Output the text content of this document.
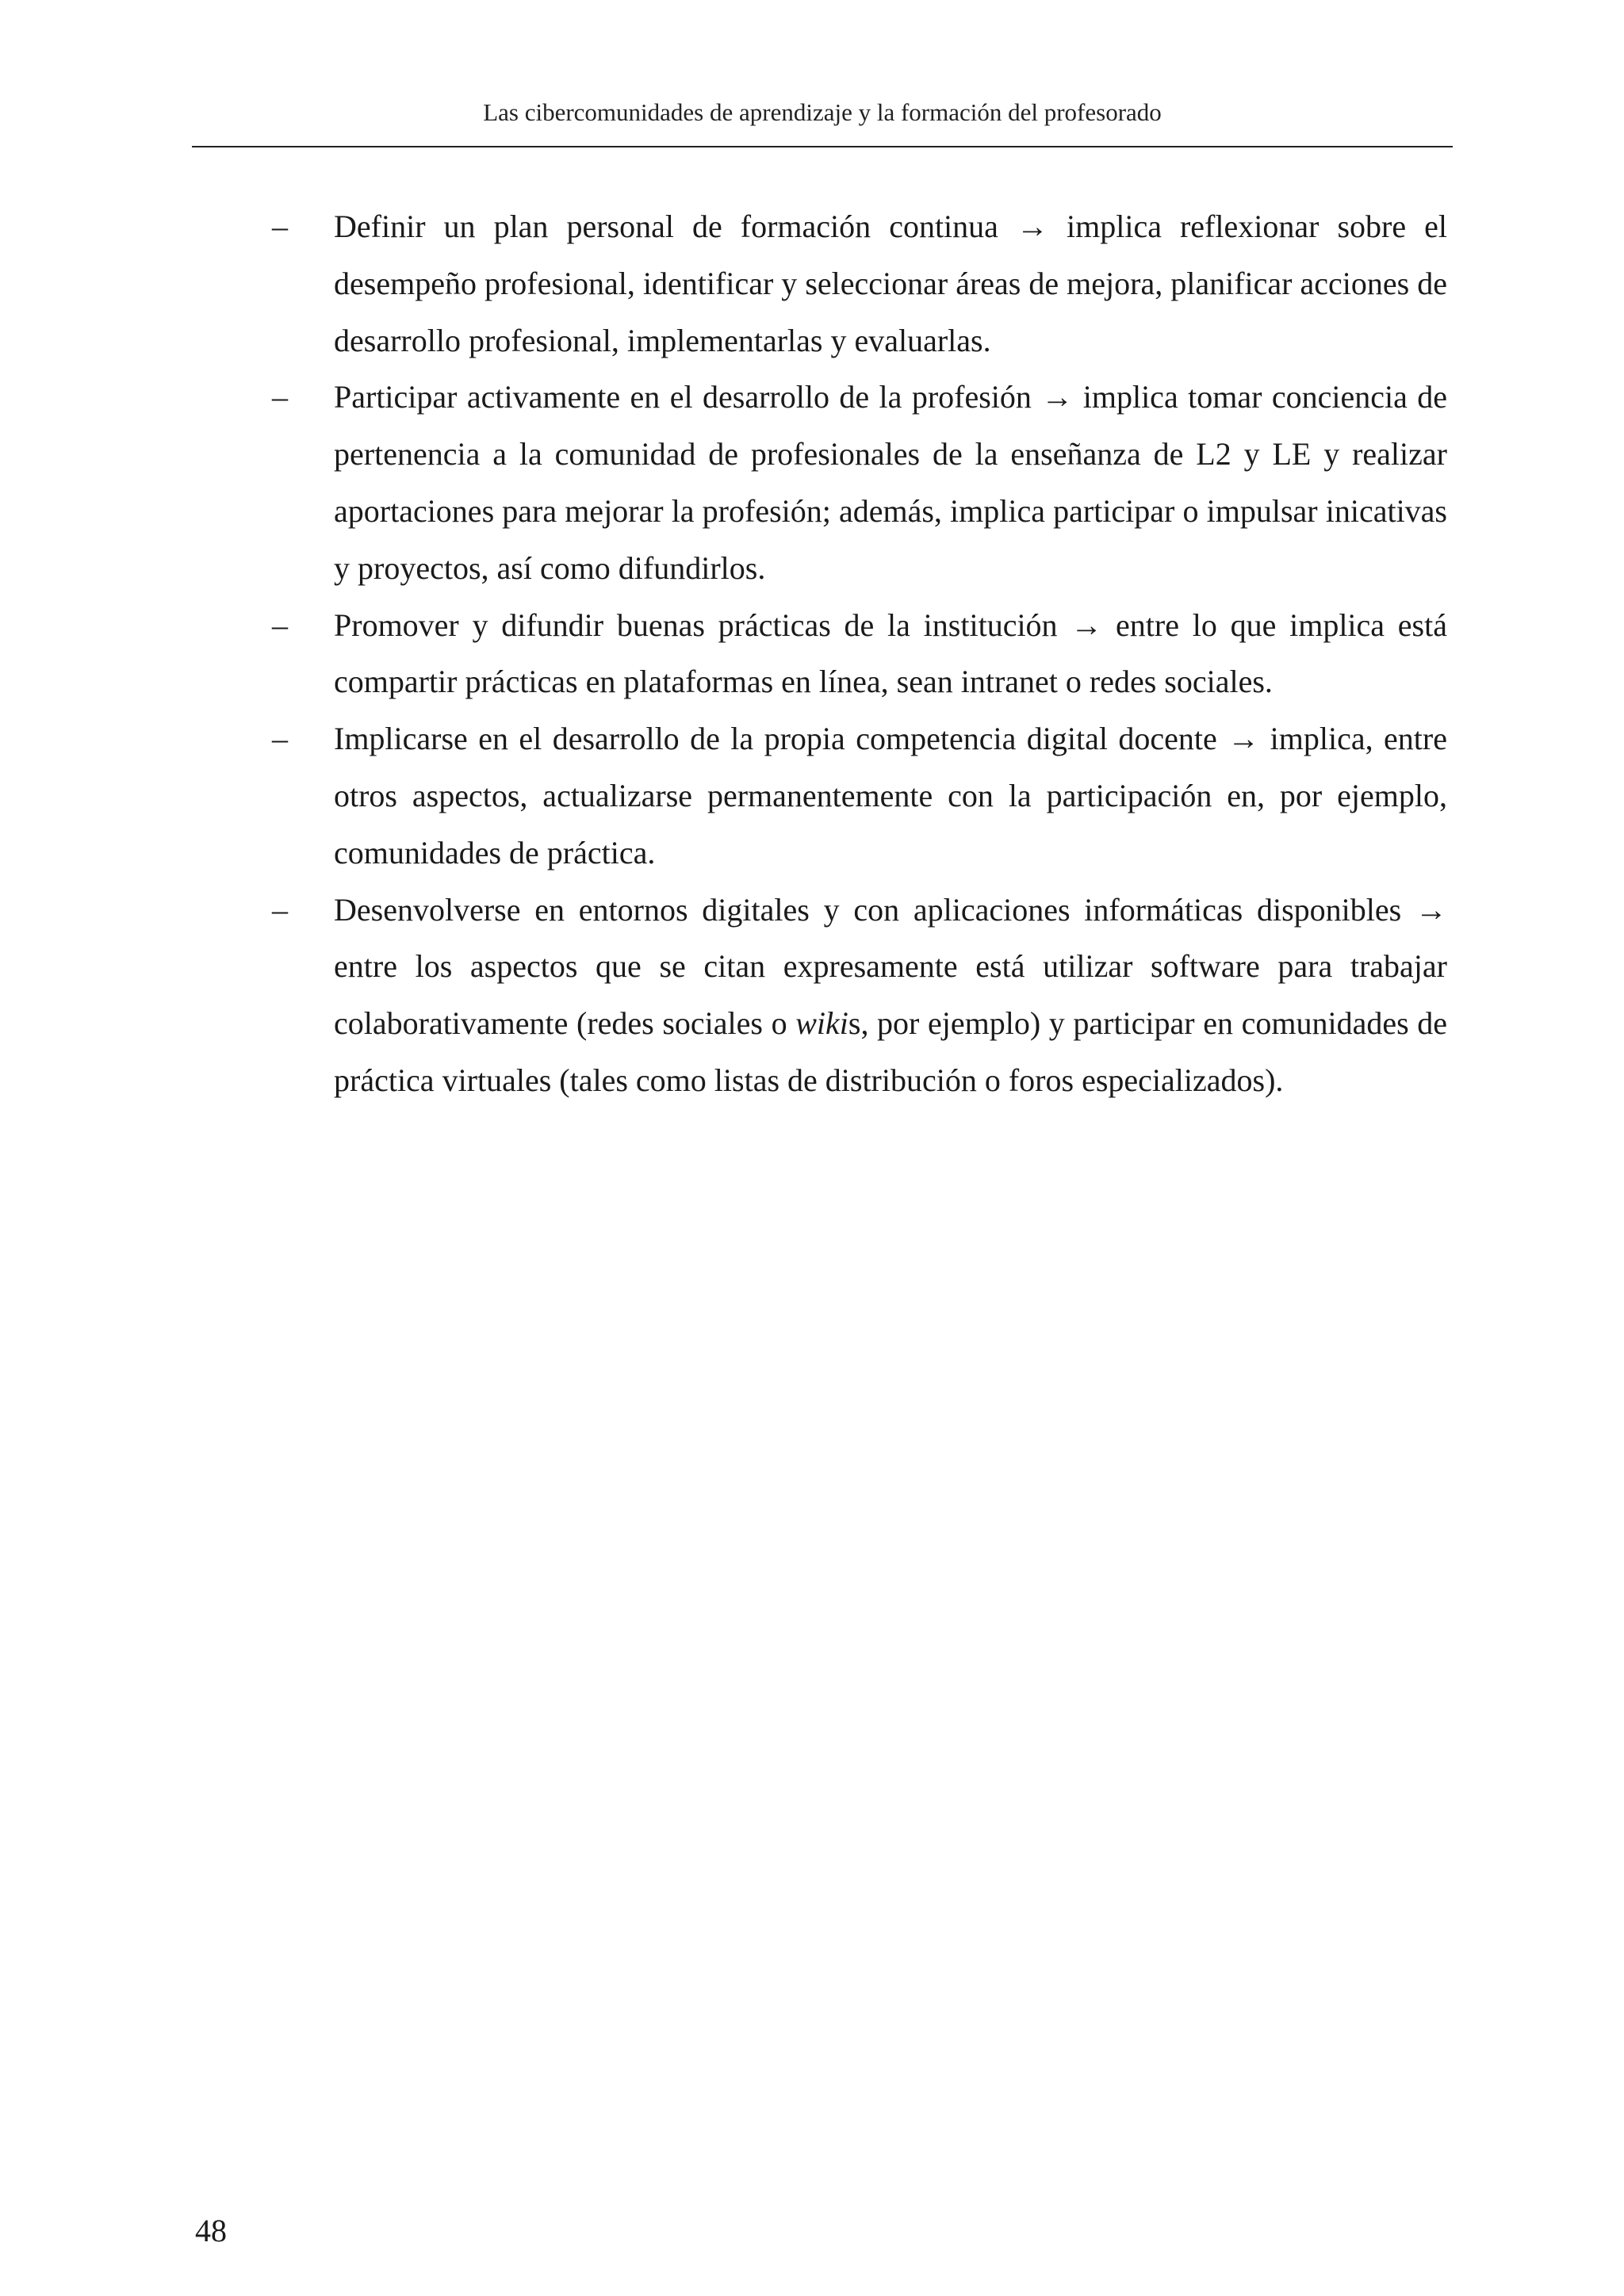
Las cibercomunidades de aprendizaje y la formación del profesorado
– Definir un plan personal de formación continua → implica reflexionar sobre el desempeño profesional, identificar y seleccionar áreas de mejora, planificar acciones de desarrollo profesional, implementarlas y evaluarlas.
– Participar activamente en el desarrollo de la profesión → implica tomar conciencia de pertenencia a la comunidad de profesionales de la enseñanza de L2 y LE y realizar aportaciones para mejorar la profesión; además, implica participar o impulsar inicativas y proyectos, así como difundirlos.
– Promover y difundir buenas prácticas de la institución → entre lo que implica está compartir prácticas en plataformas en línea, sean intranet o redes sociales.
– Implicarse en el desarrollo de la propia competencia digital docente → implica, entre otros aspectos, actualizarse permanentemente con la participación en, por ejemplo, comunidades de práctica.
– Desenvolverse en entornos digitales y con aplicaciones informáticas disponibles → entre los aspectos que se citan expresamente está utilizar software para trabajar colaborativamente (redes sociales o wikis, por ejemplo) y participar en comunidades de práctica virtuales (tales como listas de distribución o foros especializados).
48
